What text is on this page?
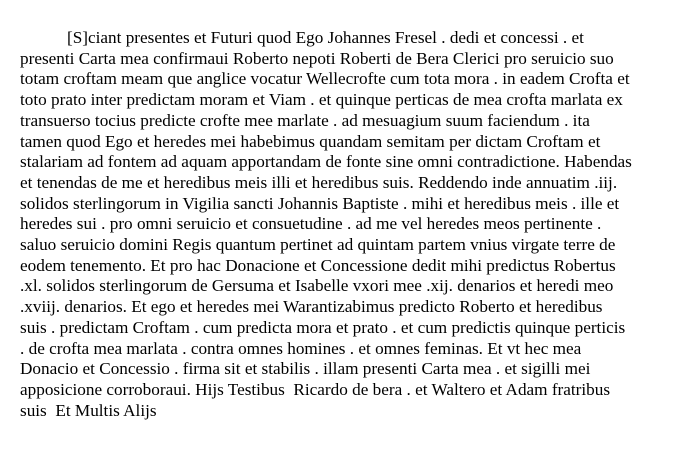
[S]ciant presentes et Futuri quod Ego Johannes Fresel . dedi et concessi . et
presenti Carta mea confirmaui Roberto nepoti Roberti de Bera Clerici pro seruicio suo
totam croftam meam que anglice vocatur Wellecrofte cum tota mora . in eadem Crofta et
toto prato inter predictam moram et Viam . et quinque perticas de mea crofta marlata ex
transuerso tocius predicte crofte mee marlate . ad mesuagium suum faciendum . ita
tamen quod Ego et heredes mei habebimus quandam semitam per dictam Croftam et
stalariam ad fontem ad aquam apportandam de fonte sine omni contradictione. Habendas
et tenendas de me et heredibus meis illi et heredibus suis. Reddendo inde annuatim .iij.
solidos sterlingorum in Vigilia sancti Johannis Baptiste . mihi et heredibus meis . ille et
heredes sui . pro omni seruicio et consuetudine . ad me vel heredes meos pertinente .
saluo seruicio domini Regis quantum pertinet ad quintam partem vnius virgate terre de
eodem tenemento. Et pro hac Donacione et Concessione dedit mihi predictus Robertus
.xl. solidos sterlingorum de Gersuma et Isabelle vxori mee .xij. denarios et heredi meo
.xviij. denarios. Et ego et heredes mei Warantizabimus predicto Roberto et heredibus
suis . predictam Croftam . cum predicta mora et prato . et cum predictis quinque perticis
. de crofta mea marlata . contra omnes homines . et omnes feminas. Et vt hec mea
Donacio et Concessio . firma sit et stabilis . illam presenti Carta mea . et sigilli mei
apposicione corroboraui. Hijs Testibus  Ricardo de bera . et Waltero et Adam fratribus
suis  Et Multis Alijs
